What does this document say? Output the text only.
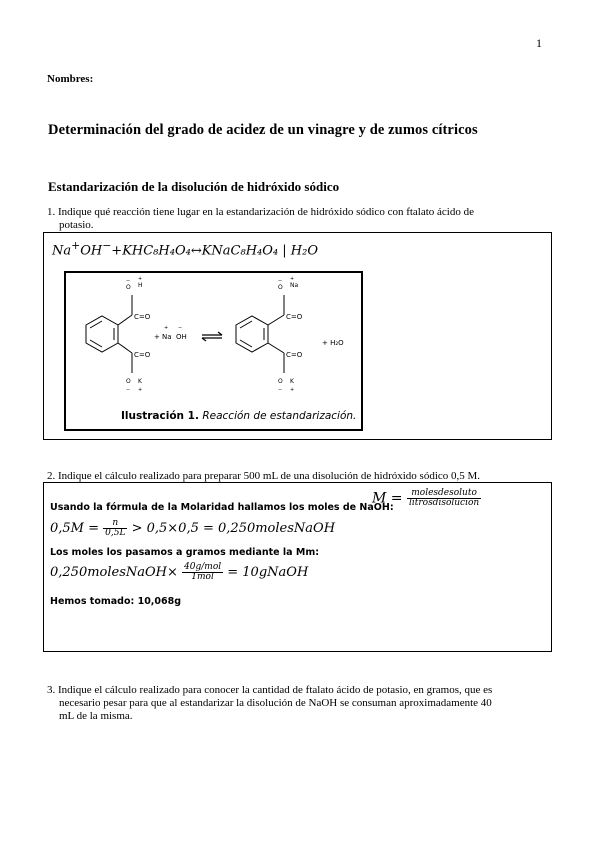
1
Nombres:
Determinación del grado de acidez de un vinagre y de zumos cítricos
Estandarización de la disolución de hidróxido sódico
1. Indique qué reacción tiene lugar en la estandarización de hidróxido sódico con ftalato ácido de
potasio.
Na+OH−+KHC₈H₄O₄↔KNaC₈H₄O₄ | H₂O
O H
− +
C=O
C=O
O K
− +
+ Na OH
+ −
O Na
− +
C=O
C=O
O K
− +
+ H₂O
Ilustración 1. Reacción de estandarización.
2. Indique el cálculo realizado para preparar 500 mL de una disolución de hidróxido sódico 0,5 M.
Usando la fórmula de la Molaridad hallamos los moles de NaOH:
$M = \frac{\text{molesdesoluto}}{\text{litrosdisolucion}}$
$0,5M = \frac{n}{0,5L} > 0,5\times 0,5$ = 0,250molesNaOH
Los moles los pasamos a gramos mediante la Mm:
0,250molesNaOH× $\frac{\text{40g/mol}}{\text{1mol}}$ = 10gNaOH
Hemos tomado: 10,068g
3. Indique el cálculo realizado para conocer la cantidad de ftalato ácido de potasio, en gramos, que es
necesario pesar para que al estandarizar la disolución de NaOH se consuman aproximadamente 40
mL de la misma.
